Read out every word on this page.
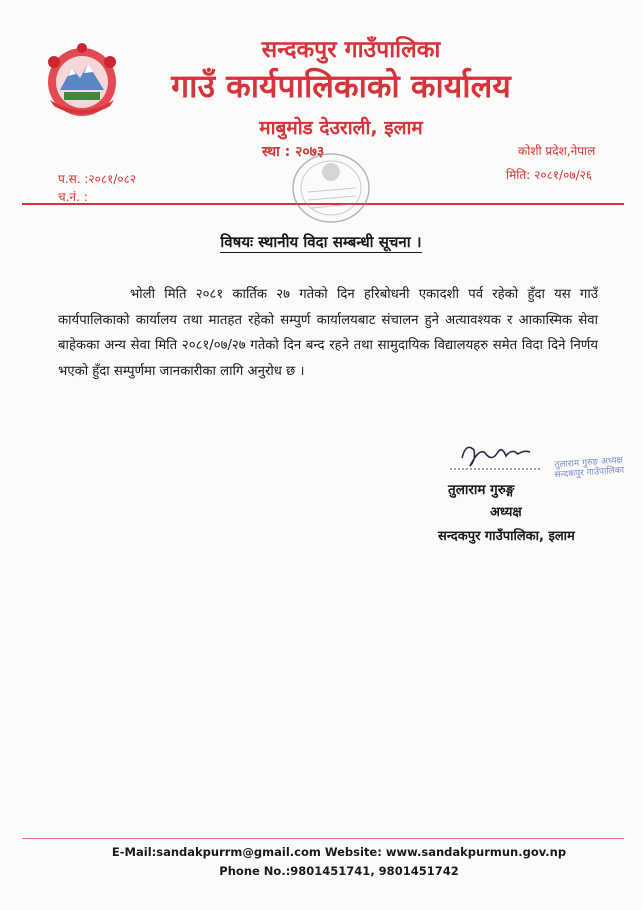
सन्दकपुर गाउँपालिका
गाउँ कार्यपालिकाको कार्यालय
माबुमोड देउराली, इलाम
स्था : २०७३	कोशी प्रदेश,नेपाल
मिति: २०८१/०७/२६
प.स. :२०८१/०८२
च.नं. :
विषयः स्थानीय विदा सम्बन्धी सूचना ।
भोली मिति २०८१ कार्तिक २७ गतेको दिन हरिबोधनी एकादशी पर्व रहेको हुँदा यस गाउँ कार्यपालिकाको कार्यालय तथा मातहत रहेको सम्पुर्ण कार्यालयबाट संचालन हुने अत्यावश्यक र आकास्मिक सेवा बाहेकका अन्य सेवा मिति २०८१/०७/२७ गतेको दिन बन्द रहने तथा सामुदायिक विद्यालयहरु समेत विदा दिने निर्णय भएको हुँदा सम्पुर्णमा जानकारीका लागि अनुरोध छ ।
तुलाराम गुरुङ अध्यक्ष सन्दकपुर गाउँपालिका
तुलाराम गुरुङ्ग
अध्यक्ष
सन्दकपुर गाउँपालिका, इलाम
E-Mail:sandakpurrm@gmail.com Website: www.sandakpurmun.gov.np
Phone No.:9801451741, 9801451742
